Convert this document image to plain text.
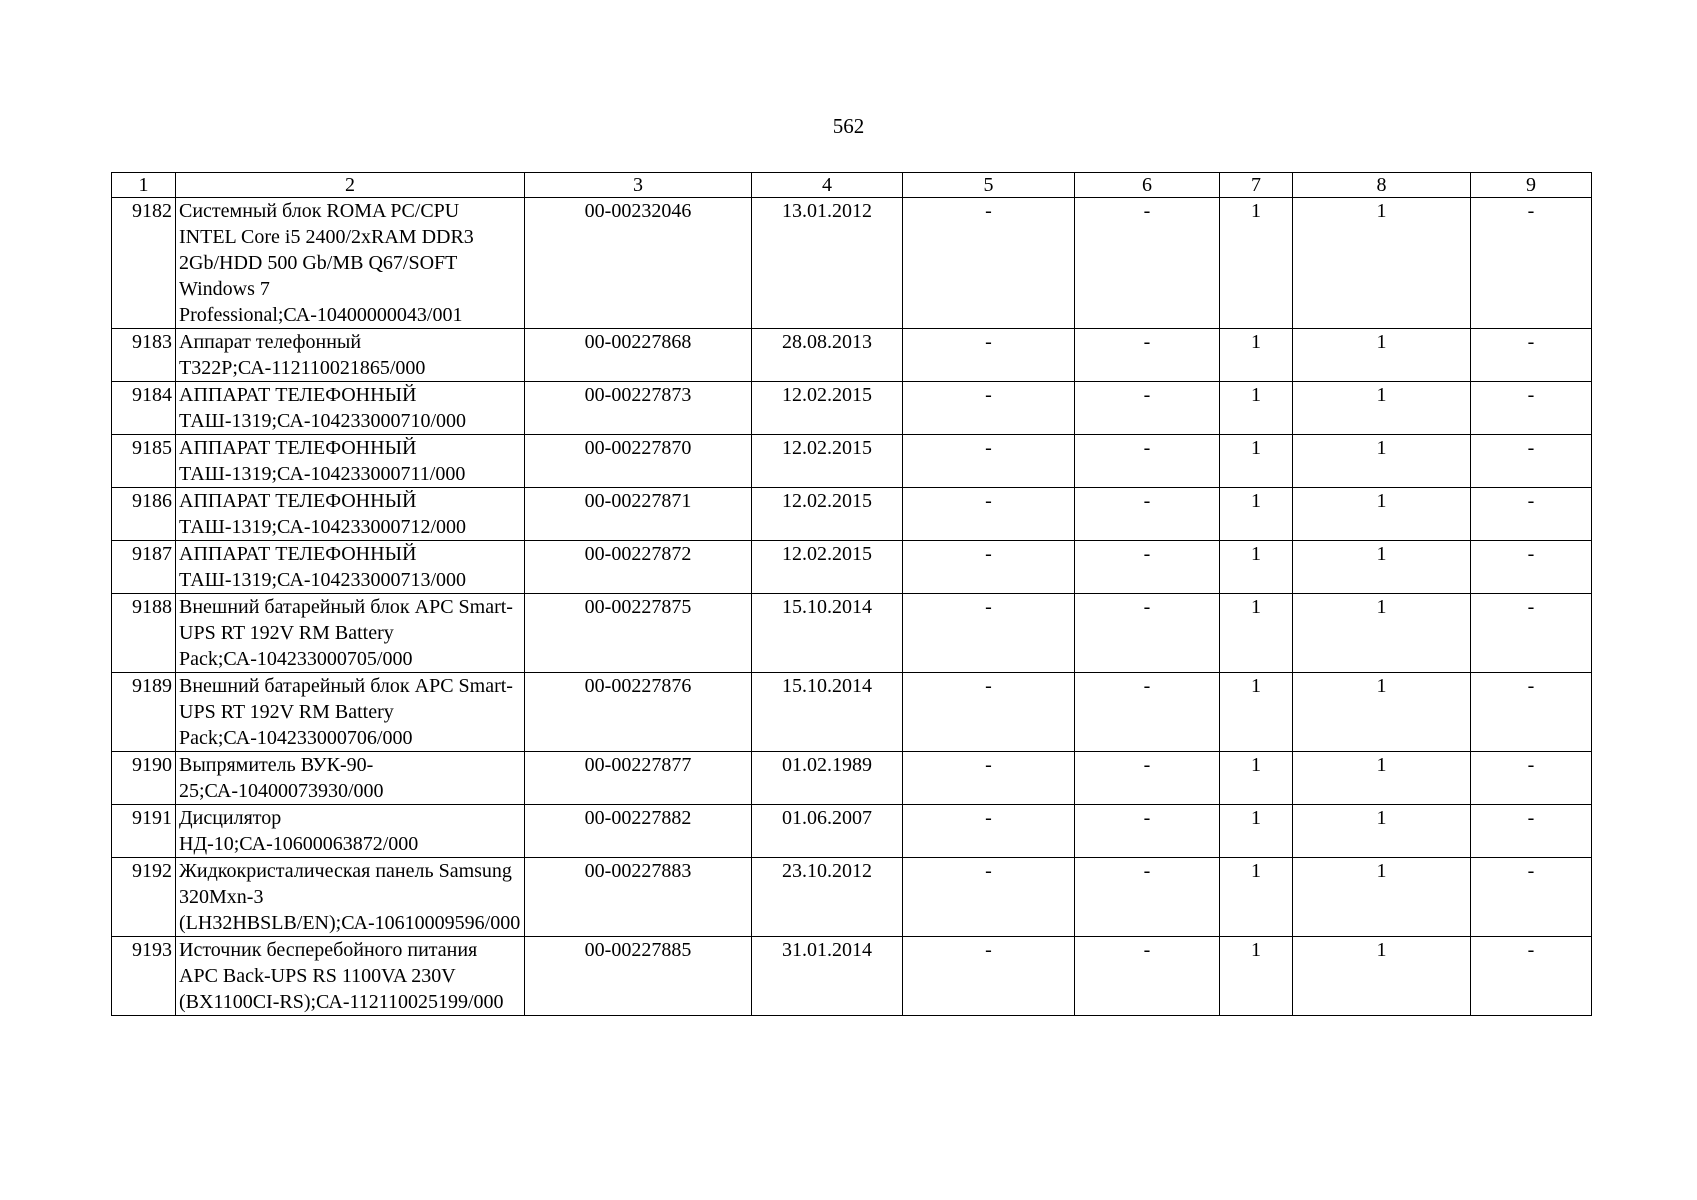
562
1	2	3	4	5	6	7	8	9
9182	Системный блок ROMA PC/CPU INTEL Core i5 2400/2xRAM DDR3 2Gb/HDD 500 Gb/MB Q67/SOFT Windows 7 Professional;СА-10400000043/001	00-00232046	13.01.2012	-	-	1	1	-
9183	Аппарат телефонный T322P;СА-112110021865/000	00-00227868	28.08.2013	-	-	1	1	-
9184	АППАРАТ ТЕЛЕФОННЫЙ ТАШ-1319;СА-104233000710/000	00-00227873	12.02.2015	-	-	1	1	-
9185	АППАРАТ ТЕЛЕФОННЫЙ ТАШ-1319;СА-104233000711/000	00-00227870	12.02.2015	-	-	1	1	-
9186	АППАРАТ ТЕЛЕФОННЫЙ ТАШ-1319;СА-104233000712/000	00-00227871	12.02.2015	-	-	1	1	-
9187	АППАРАТ ТЕЛЕФОННЫЙ ТАШ-1319;СА-104233000713/000	00-00227872	12.02.2015	-	-	1	1	-
9188	Внешний батарейный блок APC Smart-UPS RT 192V RM Battery Pack;СА-104233000705/000	00-00227875	15.10.2014	-	-	1	1	-
9189	Внешний батарейный блок APC Smart-UPS RT 192V RM Battery Pack;СА-104233000706/000	00-00227876	15.10.2014	-	-	1	1	-
9190	Выпрямитель ВУК-90-25;СА-10400073930/000	00-00227877	01.02.1989	-	-	1	1	-
9191	Дисцилятор НД-10;СА-10600063872/000	00-00227882	01.06.2007	-	-	1	1	-
9192	Жидкокристалическая панель Samsung 320Mxn-3 (LH32HBSLB/EN);СА-10610009596/000	00-00227883	23.10.2012	-	-	1	1	-
9193	Источник бесперебойного питания APC Back-UPS RS 1100VA 230V (BX1100CI-RS);СА-112110025199/000	00-00227885	31.01.2014	-	-	1	1	-
